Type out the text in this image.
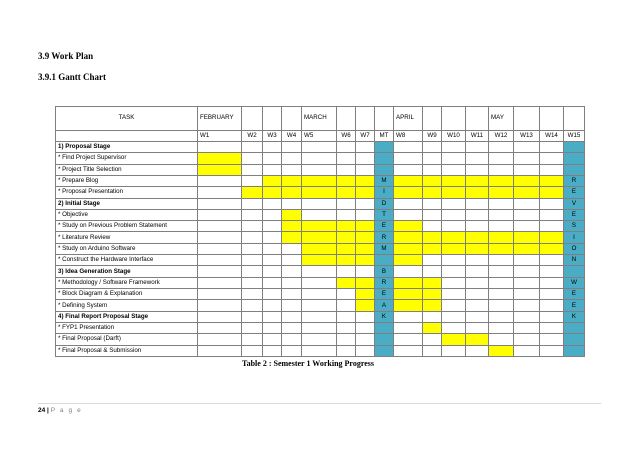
3.9 Work Plan
3.9.1 Gantt Chart
TASK	FEBRUARY				MARCH				APRIL				MAY			
	W1	W2	W3	W4	W5	W6	W7	MT	W8	W9	W10	W11	W12	W13	W14	W15
1) Proposal Stage																
* Find Project Supervisor																
* Project Title Selection																
* Prepare Blog								M								R
* Proposal Presentation								I								E
2) Initial Stage								D								V
* Objective								T								E
* Study on Previous Problem Statement								E								S
* Literature Review								R								I
* Study on Arduino Software								M								O
* Construct the Hardware Interface																N
3) Idea Generation Stage								B								
* Methodology / Software Framework								R								W
* Block Diagram & Explanation								E								E
* Defining System								A								E
4) Final Report Proposal Stage								K								K
* FYP1 Presentation																
* Final Proposal (Darft)																
* Final Proposal & Submission																
Table 2 : Semester 1 Working Progress
24 | P a g e
